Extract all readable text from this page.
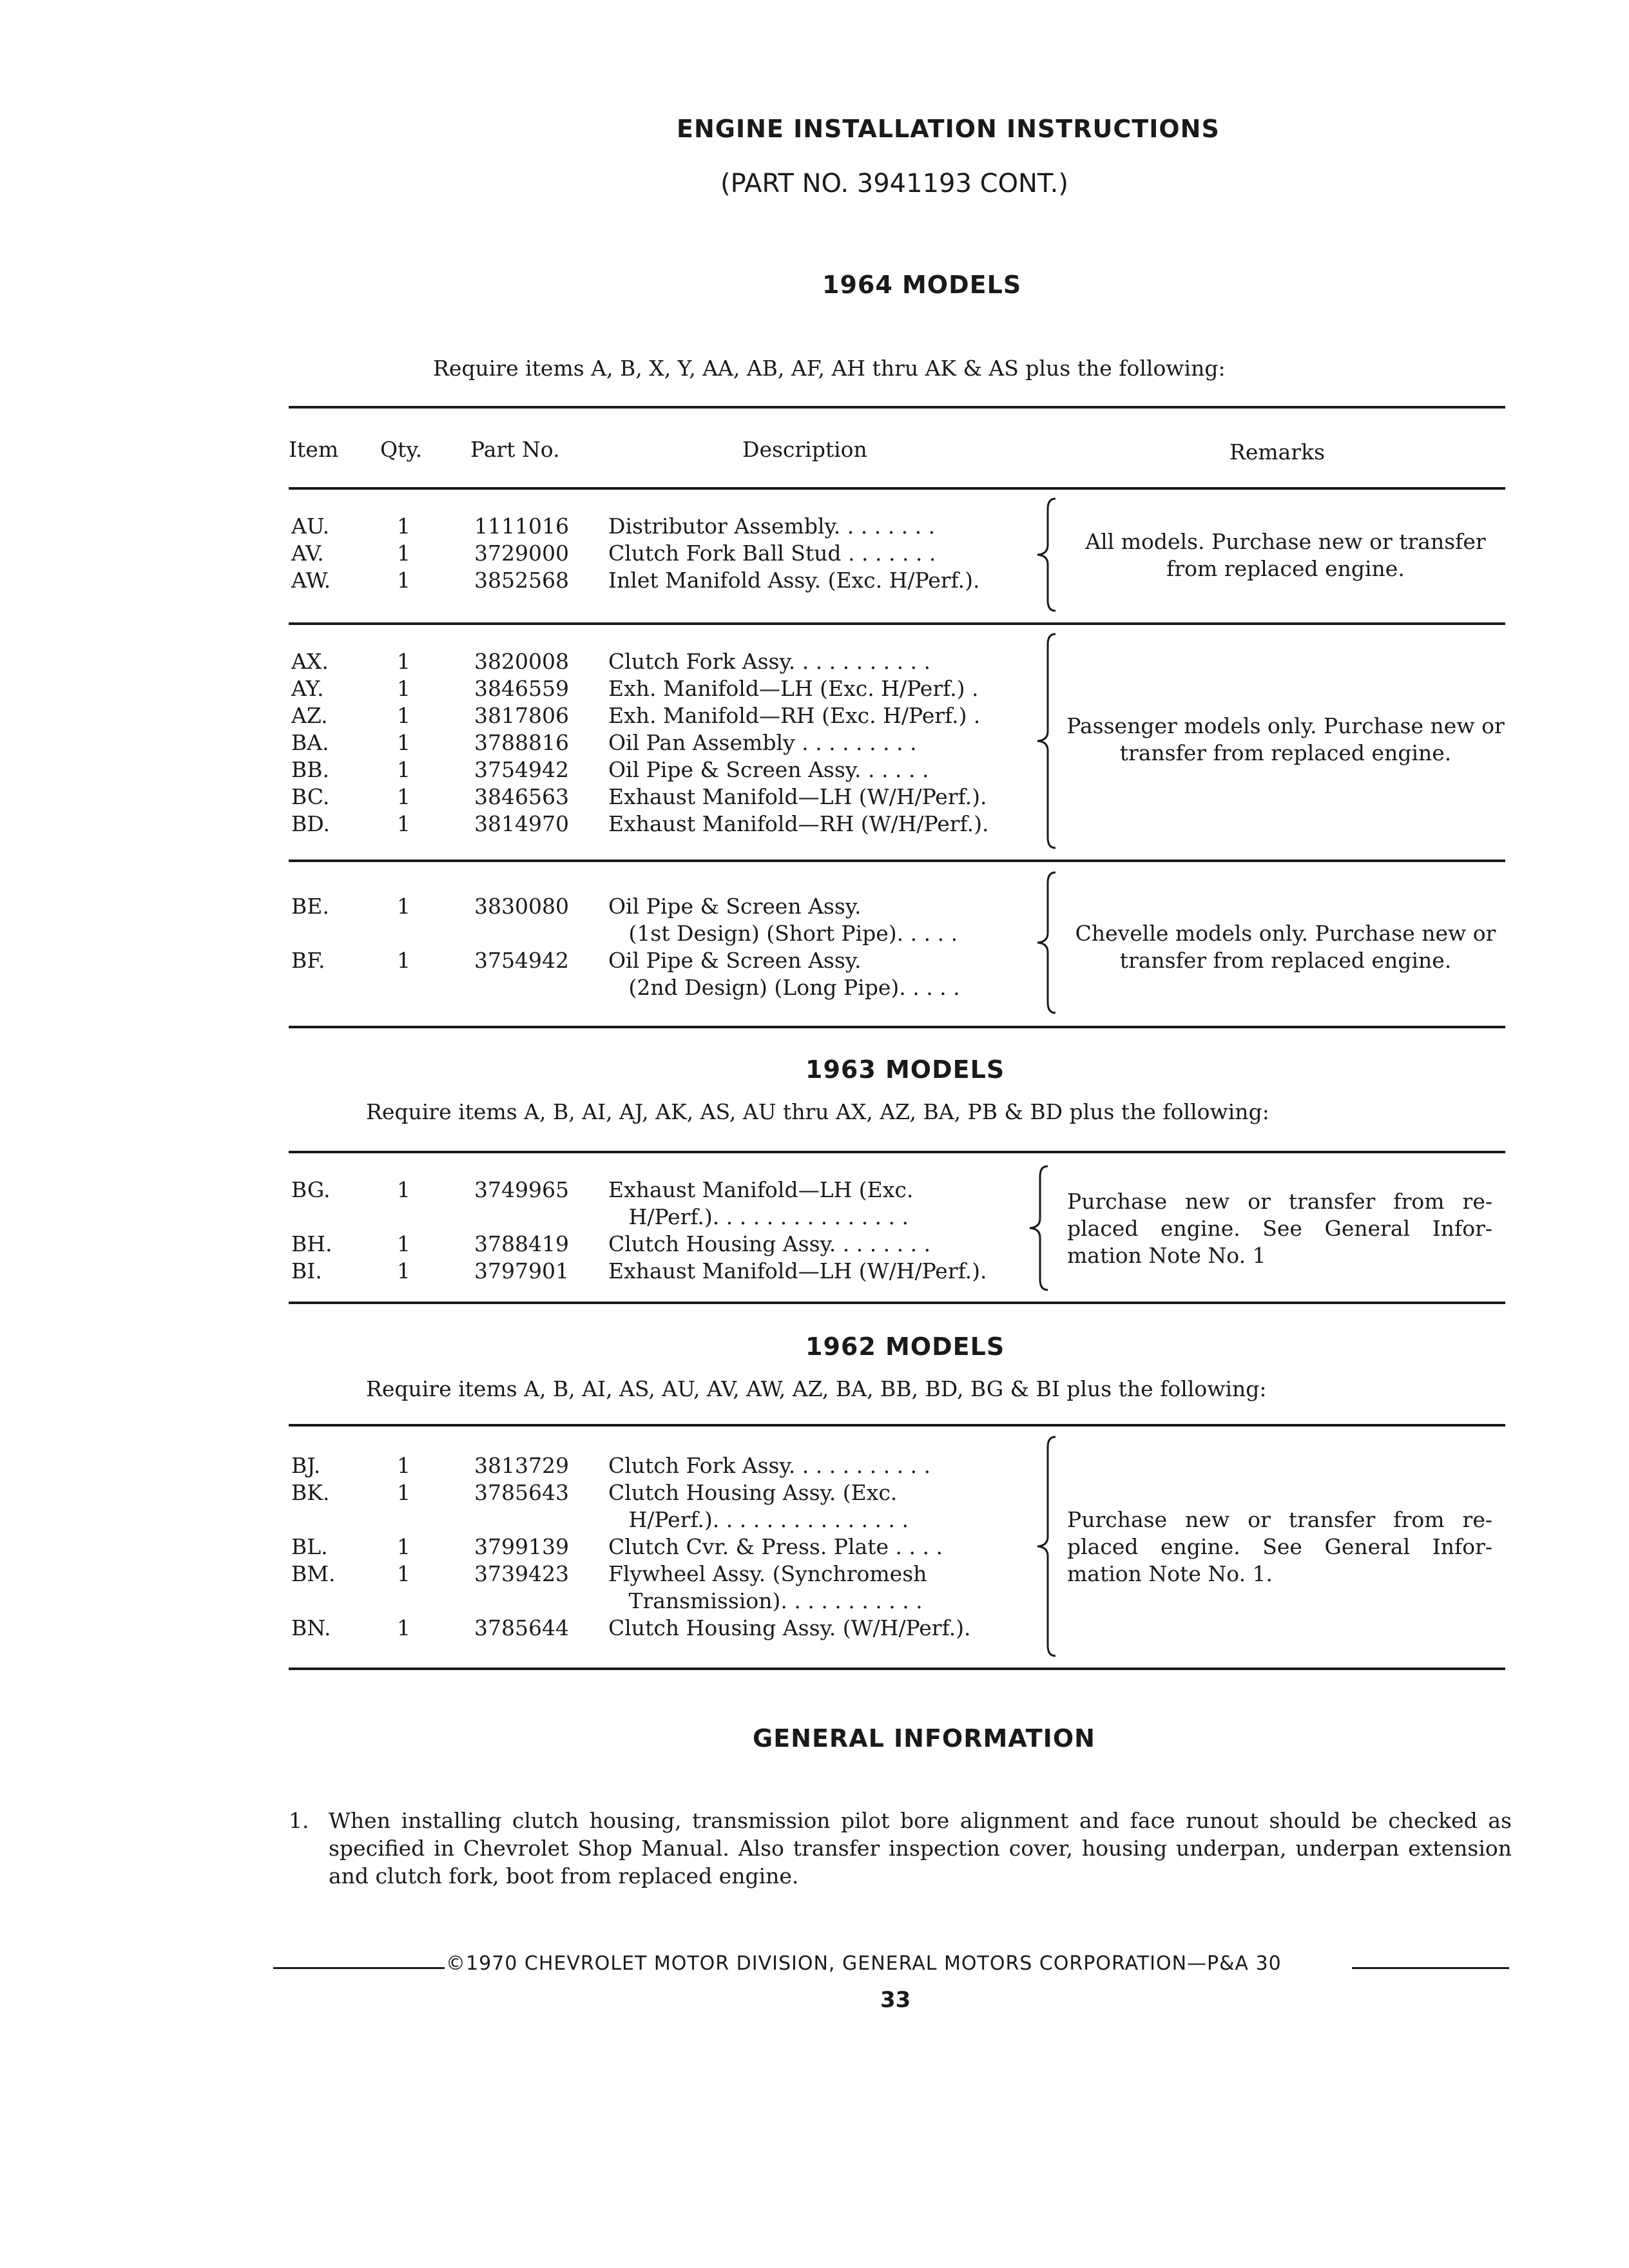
ENGINE INSTALLATION INSTRUCTIONS
(PART NO. 3941193 CONT.)
1964 MODELS
Require items A, B, X, Y, AA, AB, AF, AH thru AK & AS plus the following:
Item Qty. Part No.	Description	Remarks
AU.	1	1111016 Distributor Assembly. . . . . . . .
AV.	1	3729000 Clutch Fork Ball Stud . . . . . . .
AW.	1	3852568 Inlet Manifold Assy. (Exc. H/Perf.).
All models. Purchase new or transfer from replaced engine.
AX.	1	3820008 Clutch Fork Assy. . . . . . . . . . .
AY.	1	3846559 Exh. Manifold—LH (Exc. H/Perf.) .
AZ.	1	3817806 Exh. Manifold—RH (Exc. H/Perf.) .
BA.	1	3788816 Oil Pan Assembly . . . . . . . . .
BB.	1	3754942 Oil Pipe & Screen Assy. . . . . .
BC.	1	3846563 Exhaust Manifold—LH (W/H/Perf.).
BD.	1	3814970 Exhaust Manifold—RH (W/H/Perf.).
Passenger models only. Purchase new or transfer from replaced engine.
BE.	1	3830080 Oil Pipe & Screen Assy.
(1st Design) (Short Pipe). . . . .
BF.	1	3754942 Oil Pipe & Screen Assy.
(2nd Design) (Long Pipe). . . . .
Chevelle models only. Purchase new or transfer from replaced engine.
1963 MODELS
Require items A, B, AI, AJ, AK, AS, AU thru AX, AZ, BA, PB & BD plus the following:
BG.	1	3749965 Exhaust Manifold—LH (Exc.
H/Perf.). . . . . . . . . . . . . . .
BH.	1	3788419 Clutch Housing Assy. . . . . . . .
BI.	1	3797901 Exhaust Manifold—LH (W/H/Perf.).
Purchase new or transfer from re- placed engine. See General Infor- mation Note No. 1
1962 MODELS
Require items A, B, AI, AS, AU, AV, AW, AZ, BA, BB, BD, BG & BI plus the following:
BJ.	1	3813729 Clutch Fork Assy. . . . . . . . . . .
BK.	1	3785643 Clutch Housing Assy. (Exc.
H/Perf.). . . . . . . . . . . . . . .
BL.	1	3799139 Clutch Cvr. & Press. Plate . . . .
BM.	1	3739423 Flywheel Assy. (Synchromesh
Transmission). . . . . . . . . . .
BN.	1	3785644 Clutch Housing Assy. (W/H/Perf.).
Purchase new or transfer from re- placed engine. See General Infor- mation Note No. 1.
GENERAL INFORMATION
1. When installing clutch housing, transmission pilot bore alignment and face runout should be checked as specified in Chevrolet Shop Manual. Also transfer inspection cover, housing underpan, underpan extension and clutch fork, boot from replaced engine.
©1970 CHEVROLET MOTOR DIVISION, GENERAL MOTORS CORPORATION—P&A 30
33
